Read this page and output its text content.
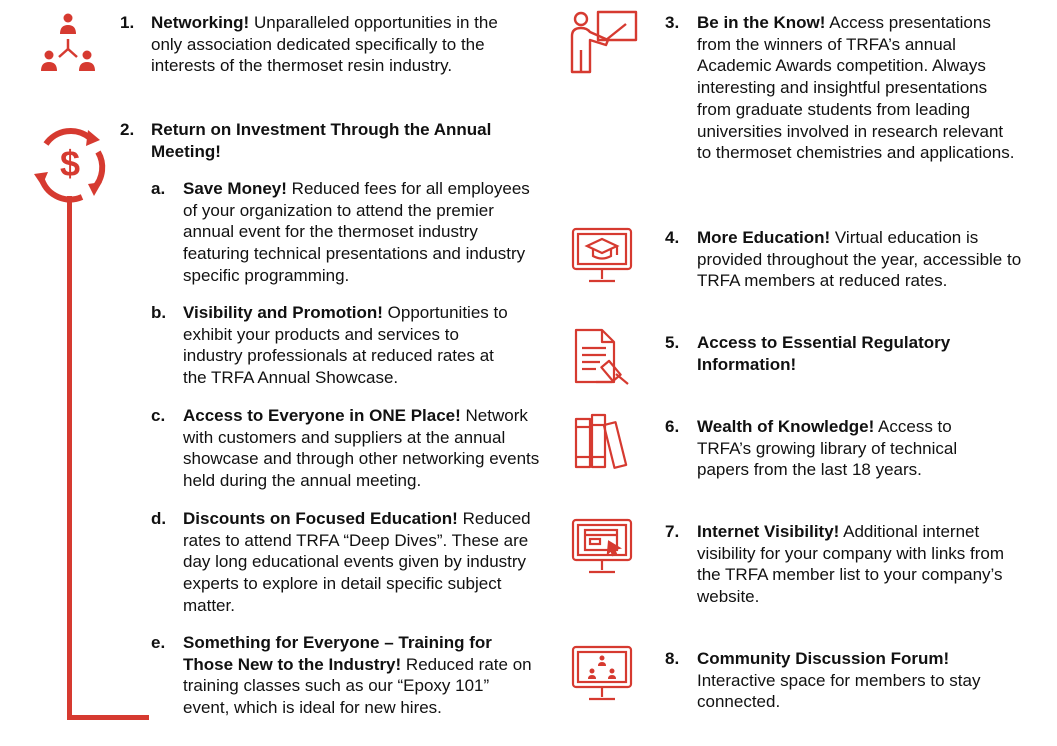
$
1. Networking! Unparalleled opportunities in the only association dedicated specifically to the interests of the thermoset resin industry.

2. Return on Investment Through the Annual Meeting!

a. Save Money! Reduced fees for all employees of your organization to attend the premier annual event for the thermoset industry featuring technical presentations and industry specific programming.

b. Visibility and Promotion! Opportunities to exhibit your products and services to industry professionals at reduced rates at the TRFA Annual Showcase.

c. Access to Everyone in ONE Place! Network with customers and suppliers at the annual showcase and through other networking events held during the annual meeting.

d. Discounts on Focused Education! Reduced rates to attend TRFA “Deep Dives”. These are day long educational events given by industry experts to explore in detail specific subject matter.

e. Something for Everyone – Training for Those New to the Industry! Reduced rate on training classes such as our “Epoxy 101” event, which is ideal for new hires.

3. Be in the Know! Access presentations from the winners of TRFA’s annual Academic Awards competition. Always interesting and insightful presentations from graduate students from leading universities involved in research relevant to thermoset chemistries and applications.

4. More Education! Virtual education is provided throughout the year, accessible to TRFA members at reduced rates.

5. Access to Essential Regulatory Information!

6. Wealth of Knowledge! Access to TRFA’s growing library of technical papers from the last 18 years.

7. Internet Visibility! Additional internet visibility for your company with links from the TRFA member list to your company’s website.

8. Community Discussion Forum! Interactive space for members to stay connected.
